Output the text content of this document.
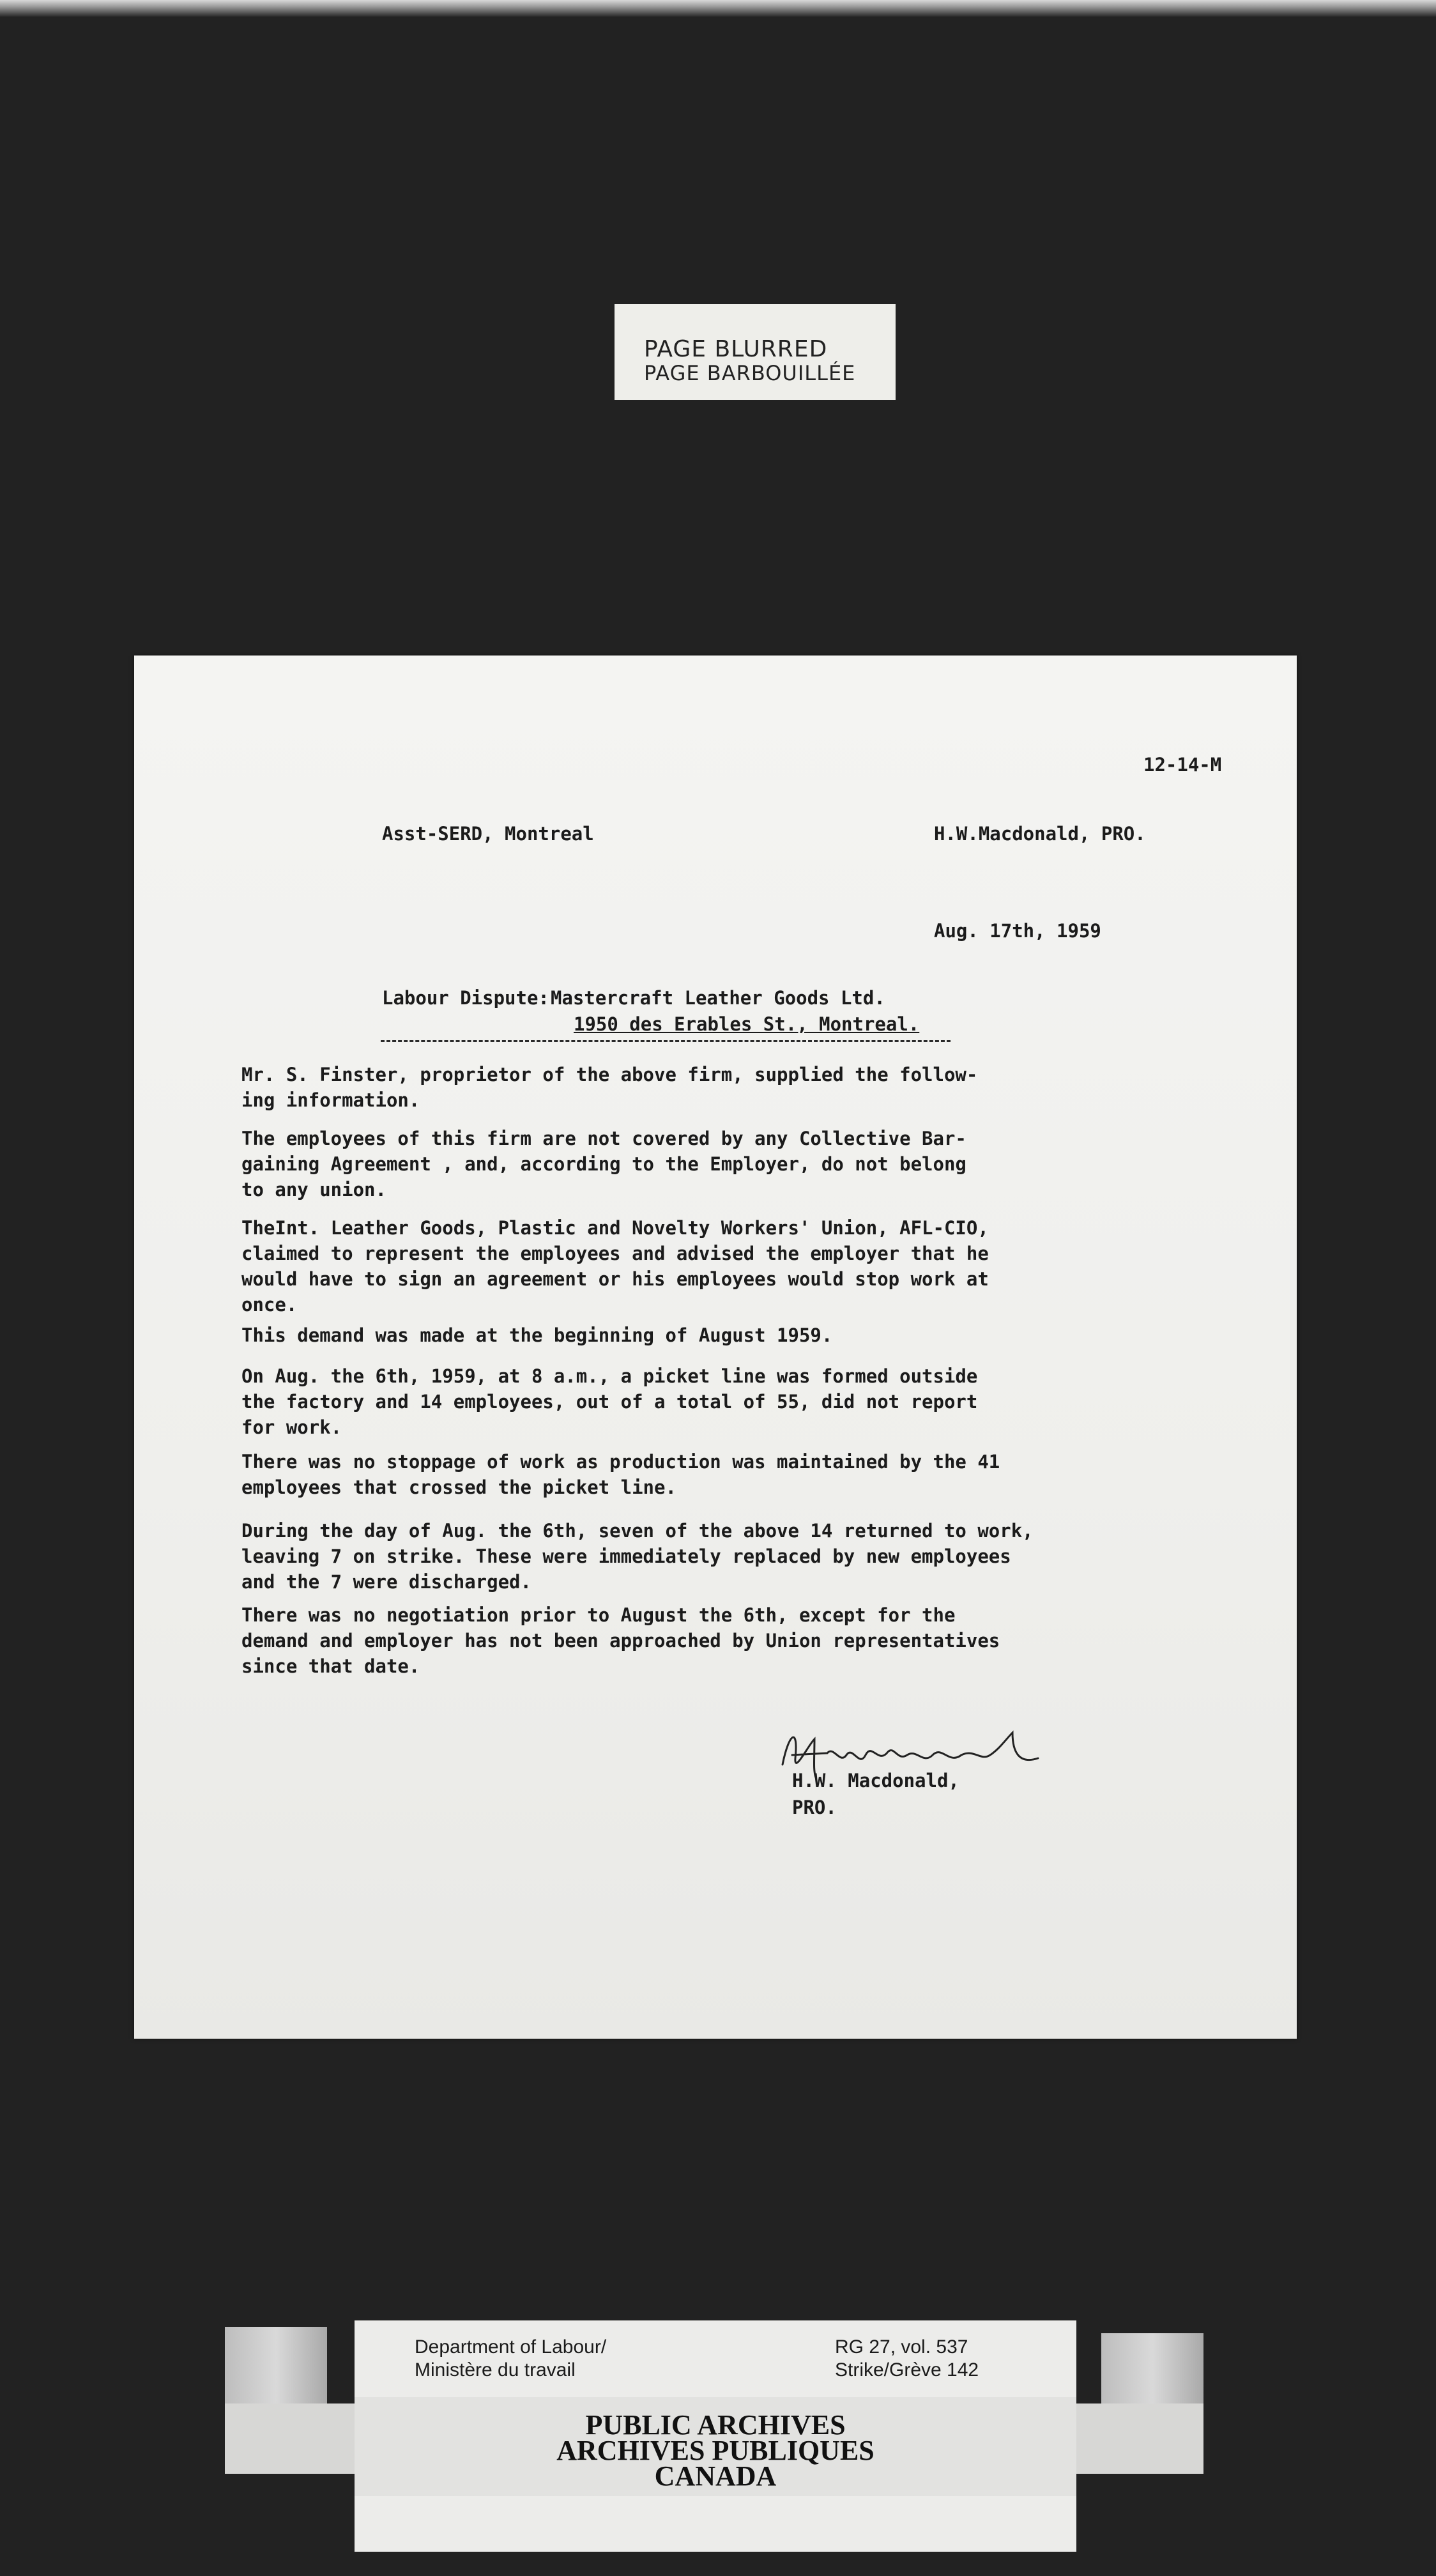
PAGE BLURRED
PAGE BARBOUILLÉE
12-14-M
Asst-SERD, Montreal	H.W.Macdonald, PRO.
Aug. 17th, 1959
Labour Dispute: Mastercraft Leather Goods Ltd.
1950 des Erables St., Montreal.
Mr. S. Finster, proprietor of the above firm, supplied the follow-
ing information.
The employees of this firm are not covered by any Collective Bar-
gaining Agreement , and, according to the Employer, do not belong
to any union.
TheInt. Leather Goods, Plastic and Novelty Workers' Union, AFL-CIO,
claimed to represent the employees and advised the employer that he
would have to sign an agreement or his employees would stop work at
once.
This demand was made at the beginning of August 1959.
On Aug. the 6th, 1959, at 8 a.m., a picket line was formed outside
the factory and 14 employees, out of a total of 55, did not report
for work.
There was no stoppage of work as production was maintained by the 41
employees that crossed the picket line.
During the day of Aug. the 6th, seven of the above 14 returned to work,
leaving 7 on strike. These were immediately replaced by new employees
and the 7 were discharged.
There was no negotiation prior to August the 6th, except for the
demand and employer has not been approached by Union representatives
since that date.
H.W. Macdonald,
PRO.
Department of Labour/
Ministère du travail
RG 27, vol. 537
Strike/Grève 142
PUBLIC ARCHIVES
ARCHIVES PUBLIQUES
CANADA
